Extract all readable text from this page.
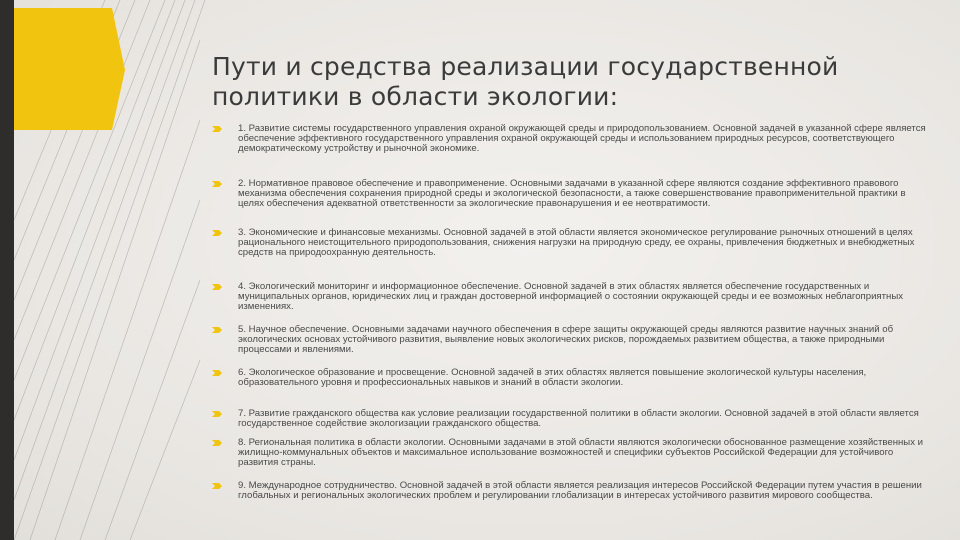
Пути и средства реализации государственной политики в области экологии:
1. Развитие системы государственного управления охраной окружающей среды и природопользованием. Основной задачей в указанной сфере является обеспечение эффективного государственного управления охраной окружающей среды и использованием природных ресурсов, соответствующего демократическому устройству и рыночной экономике.
2. Нормативное правовое обеспечение и правоприменение. Основными задачами в указанной сфере являются создание эффективного правового механизма обеспечения сохранения природной среды и экологической безопасности, а также совершенствование правоприменительной практики в целях обеспечения адекватной ответственности за экологические правонарушения и ее неотвратимости.
3. Экономические и финансовые механизмы. Основной задачей в этой области является экономическое регулирование рыночных отношений в целях рационального неистощительного природопользования, снижения нагрузки на природную среду, ее охраны, привлечения бюджетных и внебюджетных средств на природоохранную деятельность.
4. Экологический мониторинг и информационное обеспечение. Основной задачей в этих областях является обеспечение государственных и муниципальных органов, юридических лиц и граждан достоверной информацией о состоянии окружающей среды и ее возможных неблагоприятных изменениях.
5. Научное обеспечение. Основными задачами научного обеспечения в сфере защиты окружающей среды являются развитие научных знаний об экологических основах устойчивого развития, выявление новых экологических рисков, порождаемых развитием общества, а также природными процессами и явлениями.
6. Экологическое образование и просвещение. Основной задачей в этих областях является повышение экологической культуры населения, образовательного уровня и профессиональных навыков и знаний в области экологии.
7. Развитие гражданского общества как условие реализации государственной политики в области экологии. Основной задачей в этой области является государственное содействие экологизации гражданского общества.
8. Региональная политика в области экологии. Основными задачами в этой области являются экологически обоснованное размещение хозяйственных и жилищно-коммунальных объектов и максимальное использование возможностей и специфики субъектов Российской Федерации для устойчивого развития страны.
9. Международное сотрудничество. Основной задачей в этой области является реализация интересов Российской Федерации путем участия в решении глобальных и региональных экологических проблем и регулировании глобализации в интересах устойчивого развития мирового сообщества.
